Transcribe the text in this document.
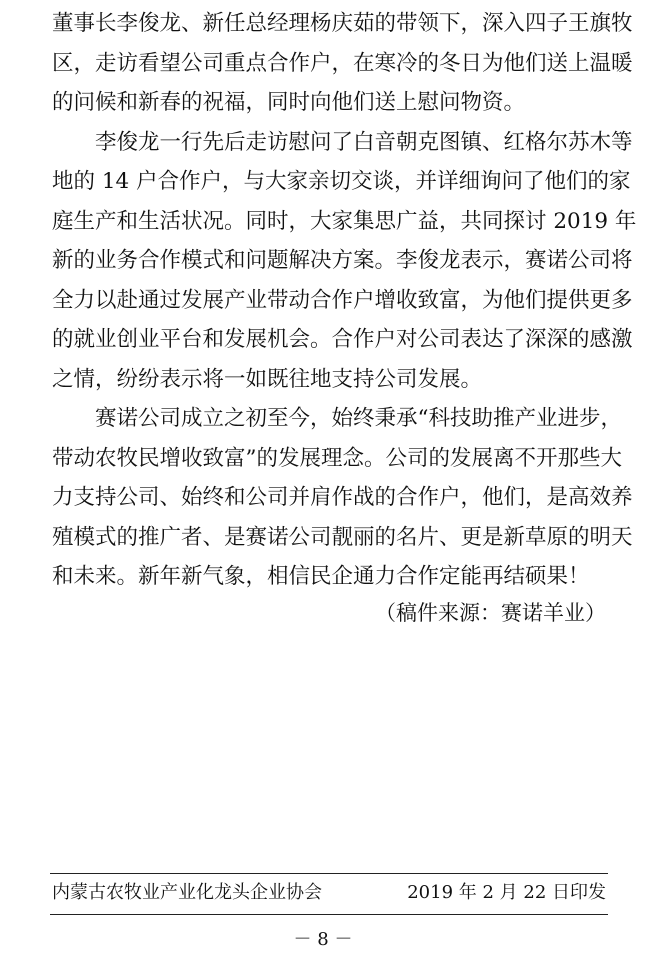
董事长李俊龙、新任总经理杨庆茹的带领下，深入四子王旗牧
区，走访看望公司重点合作户，在寒冷的冬日为他们送上温暖
的问候和新春的祝福，同时向他们送上慰问物资。

　　李俊龙一行先后走访慰问了白音朝克图镇、红格尔苏木等
地的 14 户合作户，与大家亲切交谈，并详细询问了他们的家
庭生产和生活状况。同时，大家集思广益，共同探讨 2019 年
新的业务合作模式和问题解决方案。李俊龙表示，赛诺公司将
全力以赴通过发展产业带动合作户增收致富，为他们提供更多
的就业创业平台和发展机会。合作户对公司表达了深深的感激
之情，纷纷表示将一如既往地支持公司发展。

　　赛诺公司成立之初至今，始终秉承“科技助推产业进步，
带动农牧民增收致富”的发展理念。公司的发展离不开那些大
力支持公司、始终和公司并肩作战的合作户，他们，是高效养
殖模式的推广者、是赛诺公司靓丽的名片、更是新草原的明天
和未来。新年新气象，相信民企通力合作定能再结硕果！

（稿件来源：赛诺羊业）
内蒙古农牧业产业化龙头企业协会	2019 年 2 月 22 日印发
－ 8 －
